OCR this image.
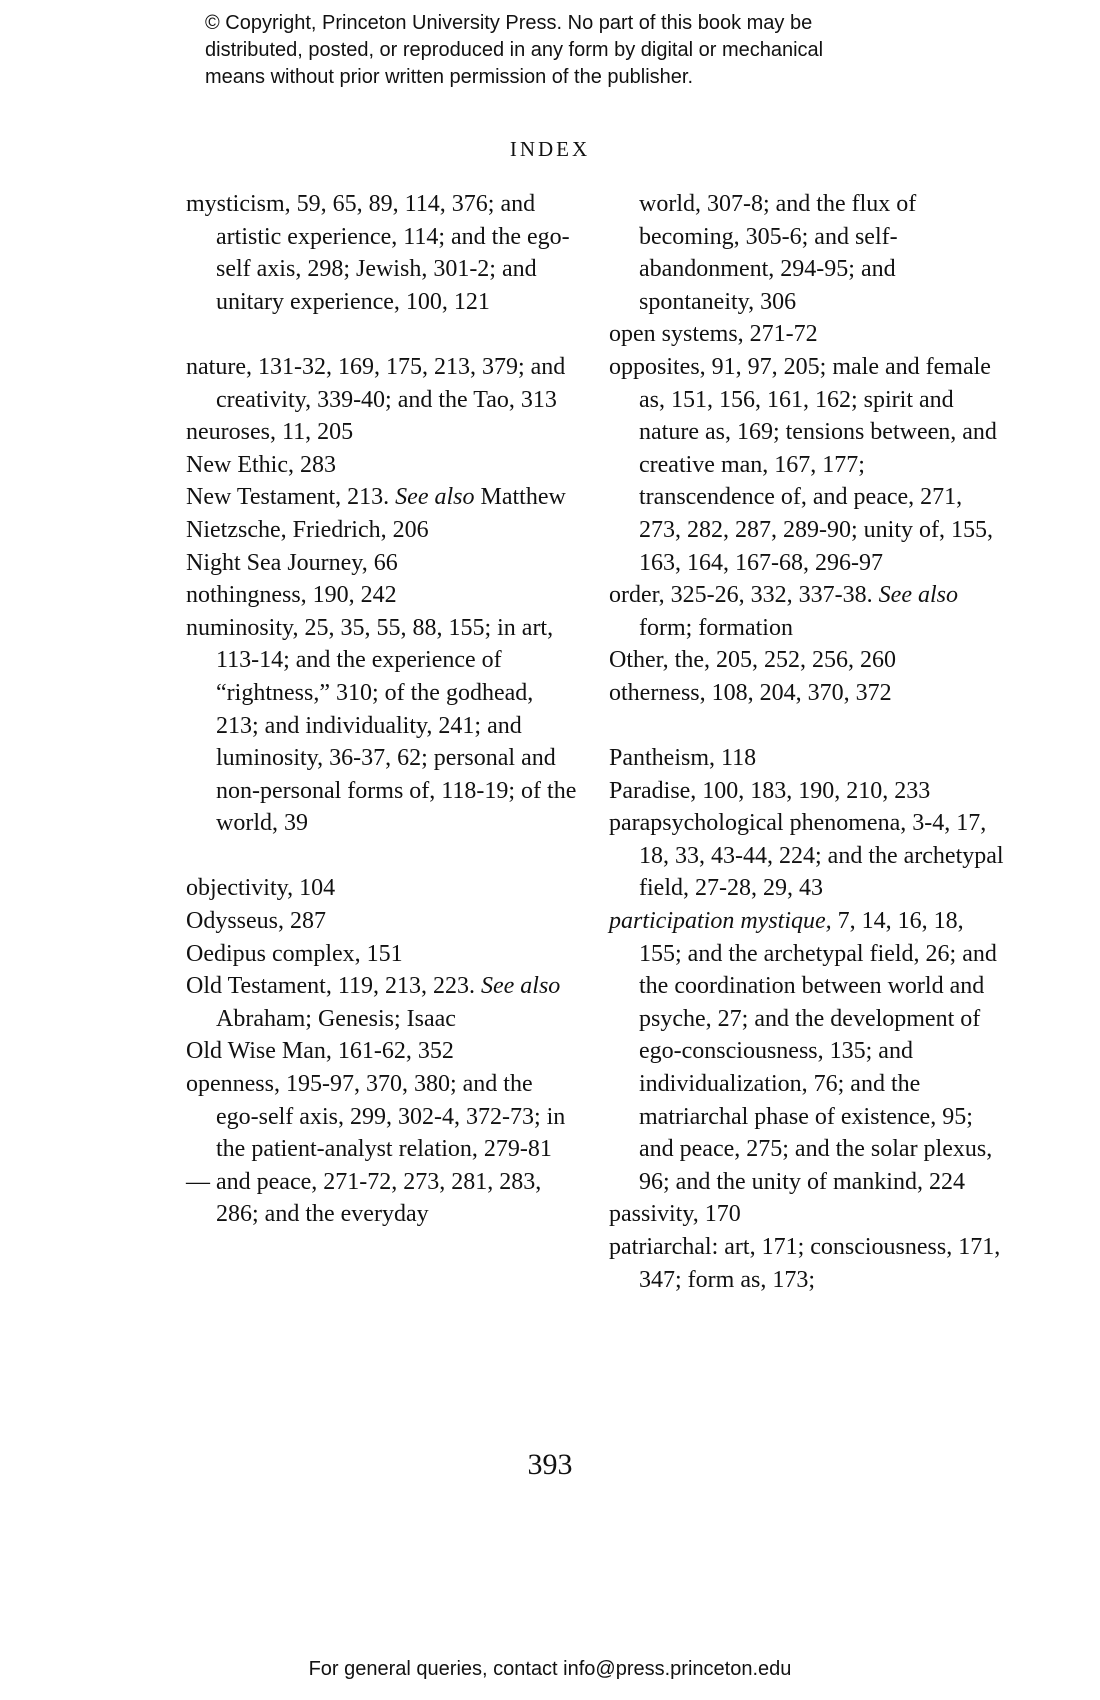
© Copyright, Princeton University Press. No part of this book may be
distributed, posted, or reproduced in any form by digital or mechanical
means without prior written permission of the publisher.
INDEX
mysticism, 59, 65, 89, 114, 376; and artistic experience, 114; and the ego-self axis, 298; Jewish, 301-2; and unitary experience, 100, 121
nature, 131-32, 169, 175, 213, 379; and creativity, 339-40; and the Tao, 313
neuroses, 11, 205
New Ethic, 283
New Testament, 213. See also Matthew
Nietzsche, Friedrich, 206
Night Sea Journey, 66
nothingness, 190, 242
numinosity, 25, 35, 55, 88, 155; in art, 113-14; and the experience of “rightness,” 310; of the godhead, 213; and individuality, 241; and luminosity, 36-37, 62; personal and non-personal forms of, 118-19; of the world, 39
objectivity, 104
Odysseus, 287
Oedipus complex, 151
Old Testament, 119, 213, 223. See also Abraham; Genesis; Isaac
Old Wise Man, 161-62, 352
openness, 195-97, 370, 380; and the ego-self axis, 299, 302-4, 372-73; in the patient-analyst relation, 279-81
— and peace, 271-72, 273, 281, 283, 286; and the everyday
world, 307-8; and the flux of becoming, 305-6; and self-abandonment, 294-95; and spontaneity, 306
open systems, 271-72
opposites, 91, 97, 205; male and female as, 151, 156, 161, 162; spirit and nature as, 169; tensions between, and creative man, 167, 177; transcendence of, and peace, 271, 273, 282, 287, 289-90; unity of, 155, 163, 164, 167-68, 296-97
order, 325-26, 332, 337-38. See also form; formation
Other, the, 205, 252, 256, 260
otherness, 108, 204, 370, 372
Pantheism, 118
Paradise, 100, 183, 190, 210, 233
parapsychological phenomena, 3-4, 17, 18, 33, 43-44, 224; and the archetypal field, 27-28, 29, 43
participation mystique, 7, 14, 16, 18, 155; and the archetypal field, 26; and the coordination between world and psyche, 27; and the development of ego-consciousness, 135; and individualization, 76; and the matriarchal phase of existence, 95; and peace, 275; and the solar plexus, 96; and the unity of mankind, 224
passivity, 170
patriarchal: art, 171; consciousness, 171, 347; form as, 173;
393
For general queries, contact info@press.princeton.edu
